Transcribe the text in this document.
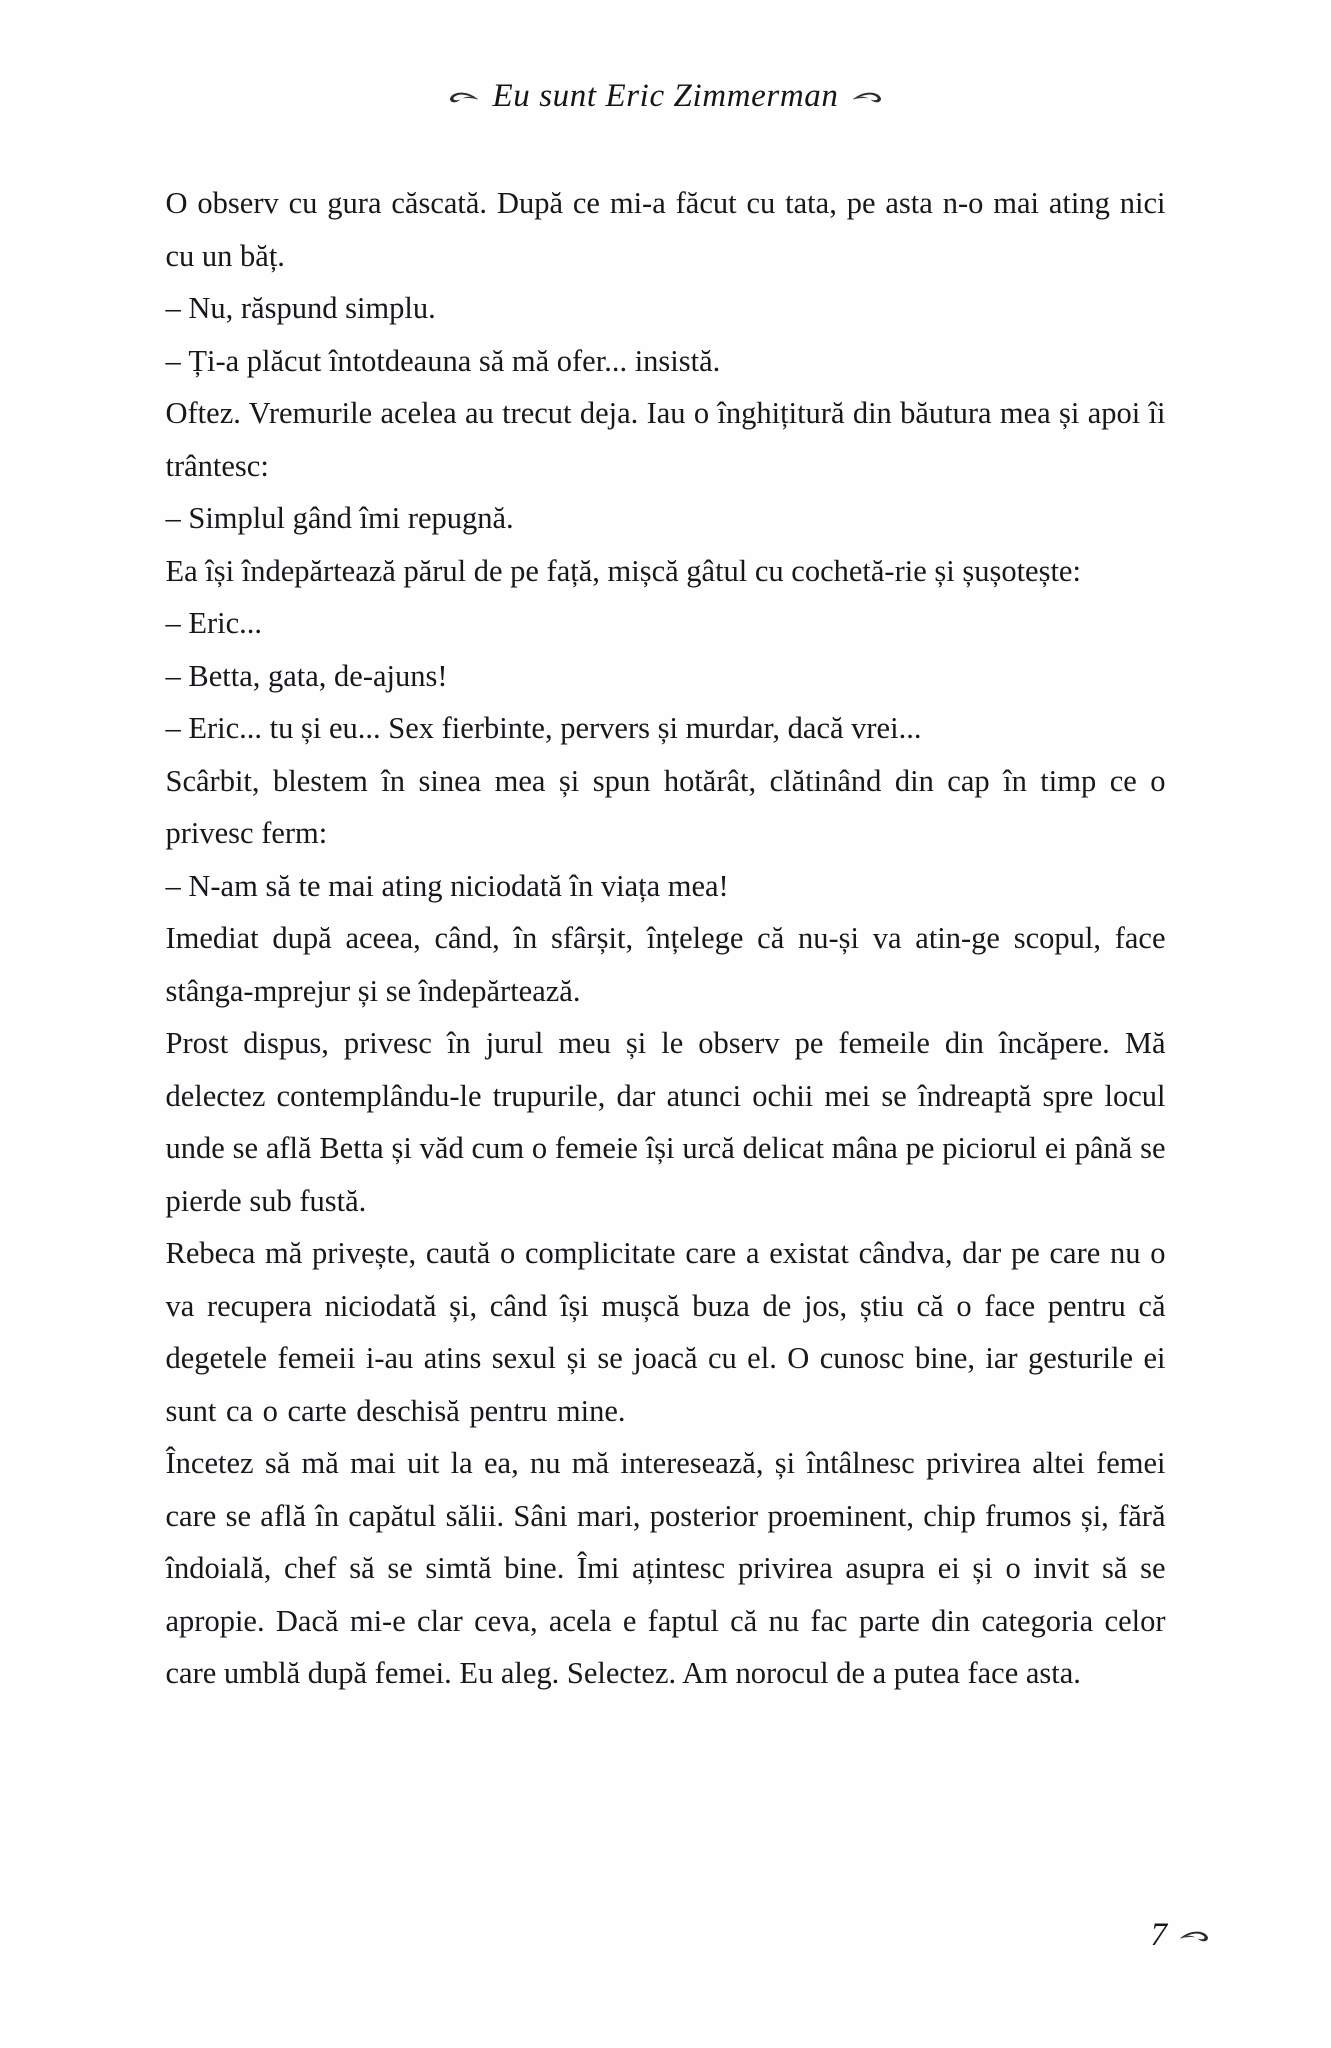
Eu sunt Eric Zimmerman

O observ cu gura căscată. După ce mi-a făcut cu tata, pe asta n-o mai ating nici cu un băț.

– Nu, răspund simplu.

– Ți-a plăcut întotdeauna să mă ofer... insistă.

Oftez. Vremurile acelea au trecut deja. Iau o înghițitură din băutura mea și apoi îi trântesc:

– Simplul gând îmi repugnă.

Ea își îndepărtează părul de pe față, mișcă gâtul cu cochetă-rie și șușotește:

– Eric...

– Betta, gata, de-ajuns!

– Eric... tu și eu... Sex fierbinte, pervers și murdar, dacă vrei...

Scârbit, blestem în sinea mea și spun hotărât, clătinând din cap în timp ce o privesc ferm:

– N-am să te mai ating niciodată în viața mea!

Imediat după aceea, când, în sfârșit, înțelege că nu-și va atin-ge scopul, face stânga-mprejur și se îndepărtează.

Prost dispus, privesc în jurul meu și le observ pe femeile din încăpere. Mă delectez contemplându-le trupurile, dar atunci ochii mei se îndreaptă spre locul unde se află Betta și văd cum o femeie își urcă delicat mâna pe piciorul ei până se pierde sub fustă.

Rebeca mă privește, caută o complicitate care a existat cândva, dar pe care nu o va recupera niciodată și, când își mușcă buza de jos, știu că o face pentru că degetele femeii i-au atins sexul și se joacă cu el. O cunosc bine, iar gesturile ei sunt ca o carte deschisă pentru mine.

Încetez să mă mai uit la ea, nu mă interesează, și întâlnesc privirea altei femei care se află în capătul sălii. Sâni mari, posterior proeminent, chip frumos și, fără îndoială, chef să se simtă bine. Îmi ațintesc privirea asupra ei și o invit să se apropie. Dacă mi-e clar ceva, acela e faptul că nu fac parte din categoria celor care umblă după femei. Eu aleg. Selectez. Am norocul de a putea face asta.

7
